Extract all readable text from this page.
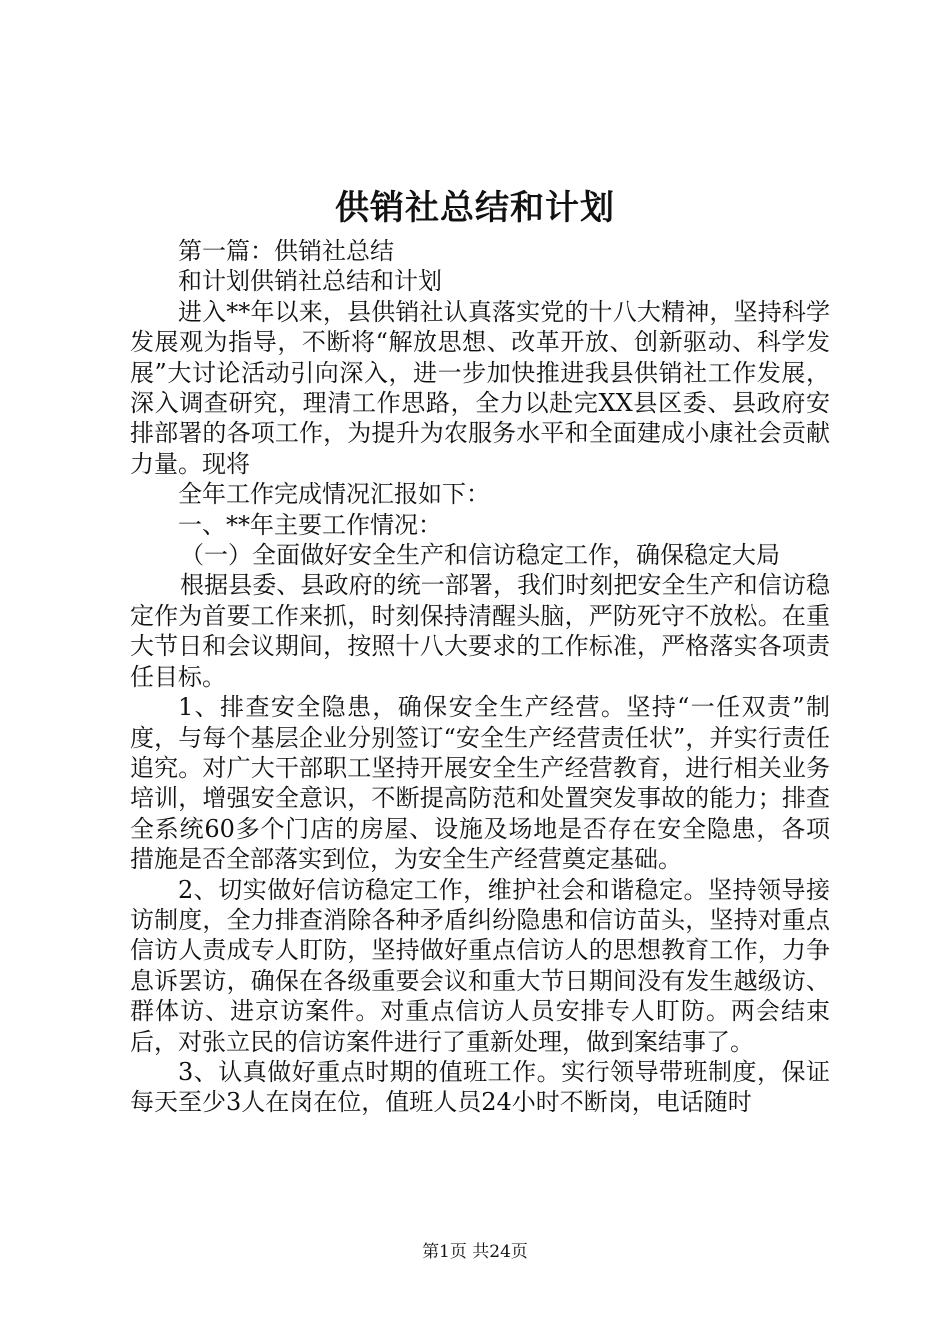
供销社总结和计划

第一篇：供销社总结

和计划供销社总结和计划

进入**年以来，县供销社认真落实党的十八大精神，坚持科学发展观为指导，不断将“解放思想、改革开放、创新驱动、科学发展”大讨论活动引向深入，进一步加快推进我县供销社工作发展，深入调查研究，理清工作思路，全力以赴完XX县区委、县政府安排部署的各项工作，为提升为农服务水平和全面建成小康社会贡献力量。现将

全年工作完成情况汇报如下：

一、**年主要工作情况：

（一）全面做好安全生产和信访稳定工作，确保稳定大局

根据县委、县政府的统一部署，我们时刻把安全生产和信访稳定作为首要工作来抓，时刻保持清醒头脑，严防死守不放松。在重大节日和会议期间，按照十八大要求的工作标准，严格落实各项责任目标。

1、排查安全隐患，确保安全生产经营。坚持“一任双责”制度，与每个基层企业分别签订“安全生产经营责任状”，并实行责任追究。对广大干部职工坚持开展安全生产经营教育，进行相关业务培训，增强安全意识，不断提高防范和处置突发事故的能力；排查全系统60多个门店的房屋、设施及场地是否存在安全隐患，各项措施是否全部落实到位，为安全生产经营奠定基础。

2、切实做好信访稳定工作，维护社会和谐稳定。坚持领导接访制度，全力排查消除各种矛盾纠纷隐患和信访苗头，坚持对重点信访人责成专人盯防，坚持做好重点信访人的思想教育工作，力争息诉罢访，确保在各级重要会议和重大节日期间没有发生越级访、群体访、进京访案件。对重点信访人员安排专人盯防。两会结束后，对张立民的信访案件进行了重新处理，做到案结事了。

3、认真做好重点时期的值班工作。实行领导带班制度，保证每天至少3人在岗在位，值班人员24小时不断岗，电话随时

第1页 共24页
